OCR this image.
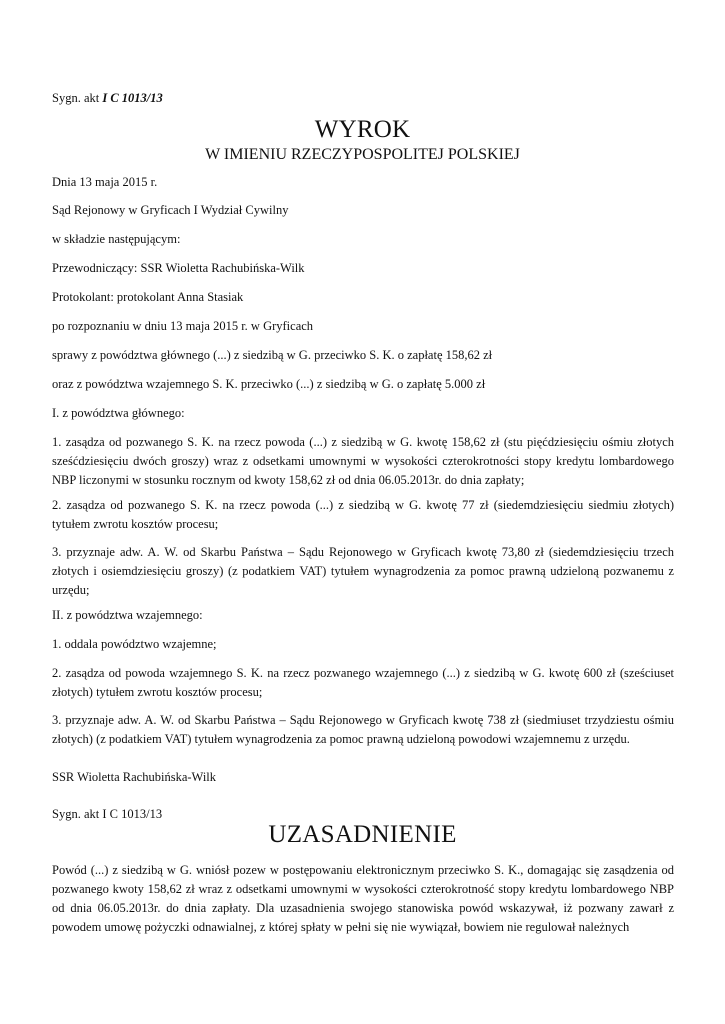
Sygn. akt I C 1013/13
WYROK
W IMIENIU RZECZYPOSPOLITEJ POLSKIEJ
Dnia 13 maja 2015 r.
Sąd Rejonowy w Gryficach I Wydział Cywilny
w składzie następującym:
Przewodniczący: SSR Wioletta Rachubińska-Wilk
Protokolant: protokolant Anna Stasiak
po rozpoznaniu w dniu 13 maja 2015 r. w Gryficach
sprawy z powództwa głównego (...) z siedzibą w G. przeciwko S. K. o zapłatę 158,62 zł
oraz z powództwa wzajemnego S. K. przeciwko (...) z siedzibą w G. o zapłatę 5.000 zł
I. z powództwa głównego:
1. zasądza od pozwanego S. K. na rzecz powoda (...) z siedzibą w G. kwotę 158,62 zł (stu pięćdziesięciu ośmiu złotych sześćdziesięciu dwóch groszy) wraz z odsetkami umownymi w wysokości czterokrotności stopy kredytu lombardowego NBP liczonymi w stosunku rocznym od kwoty 158,62 zł od dnia 06.05.2013r. do dnia zapłaty;
2. zasądza od pozwanego S. K. na rzecz powoda (...) z siedzibą w G. kwotę 77 zł (siedemdziesięciu siedmiu złotych) tytułem zwrotu kosztów procesu;
3. przyznaje adw. A. W. od Skarbu Państwa – Sądu Rejonowego w Gryficach kwotę 73,80 zł (siedemdziesięciu trzech złotych i osiemdziesięciu groszy) (z podatkiem VAT) tytułem wynagrodzenia za pomoc prawną udzieloną pozwanemu z urzędu;
II. z powództwa wzajemnego:
1. oddala powództwo wzajemne;
2. zasądza od powoda wzajemnego S. K. na rzecz pozwanego wzajemnego (...) z siedzibą w G. kwotę 600 zł (sześciuset złotych) tytułem zwrotu kosztów procesu;
3. przyznaje adw. A. W. od Skarbu Państwa – Sądu Rejonowego w Gryficach kwotę 738 zł (siedmiuset trzydziestu ośmiu złotych) (z podatkiem VAT) tytułem wynagrodzenia za pomoc prawną udzieloną powodowi wzajemnemu z urzędu.
SSR Wioletta Rachubińska-Wilk
Sygn. akt I C 1013/13
UZASADNIENIE
Powód (...) z siedzibą w G. wniósł pozew w postępowaniu elektronicznym przeciwko S. K., domagając się zasądzenia od pozwanego kwoty 158,62 zł wraz z odsetkami umownymi w wysokości czterokrotność stopy kredytu lombardowego NBP od dnia 06.05.2013r. do dnia zapłaty. Dla uzasadnienia swojego stanowiska powód wskazywał, iż pozwany zawarł z powodem umowę pożyczki odnawialnej, z której spłaty w pełni się nie wywiązał, bowiem nie regulował należnych
